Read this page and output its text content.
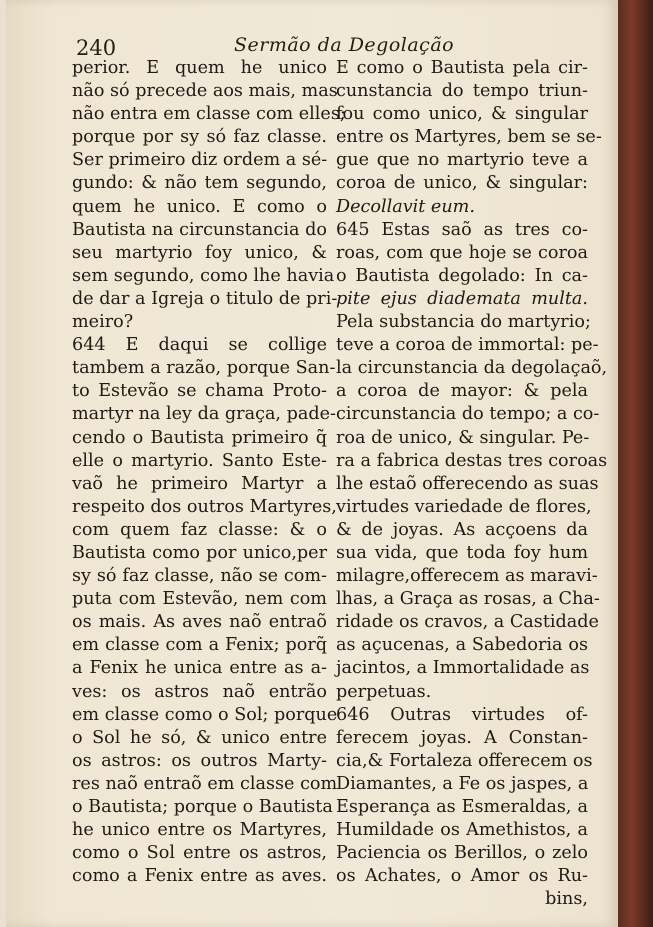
240	Sermão da Degolação
perior. E quem he unico
não só precede aos mais, mas
não entra em classe com elles;
porque por sy só faz classe.
Ser primeiro diz ordem a sé-
gundo: & não tem segundo,
quem he unico. E como o
Bautista na circunstancia do
seu martyrio foy unico, &
sem segundo, como lhe havia
de dar a Igreja o titulo de pri-
meiro?
644 E daqui se collige
tambem a razão, porque San-
to Estevão se chama Proto-
martyr na ley da graça, pade-
cendo o Bautista primeiro q̃
elle o martyrio. Santo Este-
vaõ he primeiro Martyr a
respeito dos outros Martyres,
com quem faz classe: & o
Bautista como por unico,per
sy só faz classe, não se com-
puta com Estevão, nem com
os mais. As aves naõ entraõ
em classe com a Fenix; porq̃
a Fenix he unica entre as a-
ves: os astros naõ entrão
em classe como o Sol; porque
o Sol he só, & unico entre
os astros: os outros Marty-
res naõ entraõ em classe com
o Bautista; porque o Bautista
he unico entre os Martyres,
como o Sol entre os astros,
como a Fenix entre as aves.
E como o Bautista pela cir-
cunstancia do tempo triun-
fou como unico, & singular
entre os Martyres, bem se se-
gue que no martyrio teve a
coroa de unico, & singular:
Decollavit eum.
645 Estas saõ as tres co-
roas, com que hoje se coroa
o Bautista degolado: In ca-
pite ejus diademata multa.
Pela substancia do martyrio;
teve a coroa de immortal: pe-
la circunstancia da degolaçaõ,
a coroa de mayor: & pela
circunstancia do tempo; a co-
roa de unico, & singular. Pe-
ra a fabrica destas tres coroas
lhe estaõ offerecendo as suas
virtudes variedade de flores,
& de joyas. As acçoens da
sua vida, que toda foy hum
milagre,offerecem as maravi-
lhas, a Graça as rosas, a Cha-
ridade os cravos, a Castidade
as açucenas, a Sabedoria os
jacintos, a Immortalidade as
perpetuas.
646 Outras virtudes of-
ferecem joyas. A Constan-
cia,& Fortaleza offerecem os
Diamantes, a Fe os jaspes, a
Esperança as Esmeraldas, a
Humildade os Amethistos, a
Paciencia os Berillos, o zelo
os Achates, o Amor os Ru-
bins,
